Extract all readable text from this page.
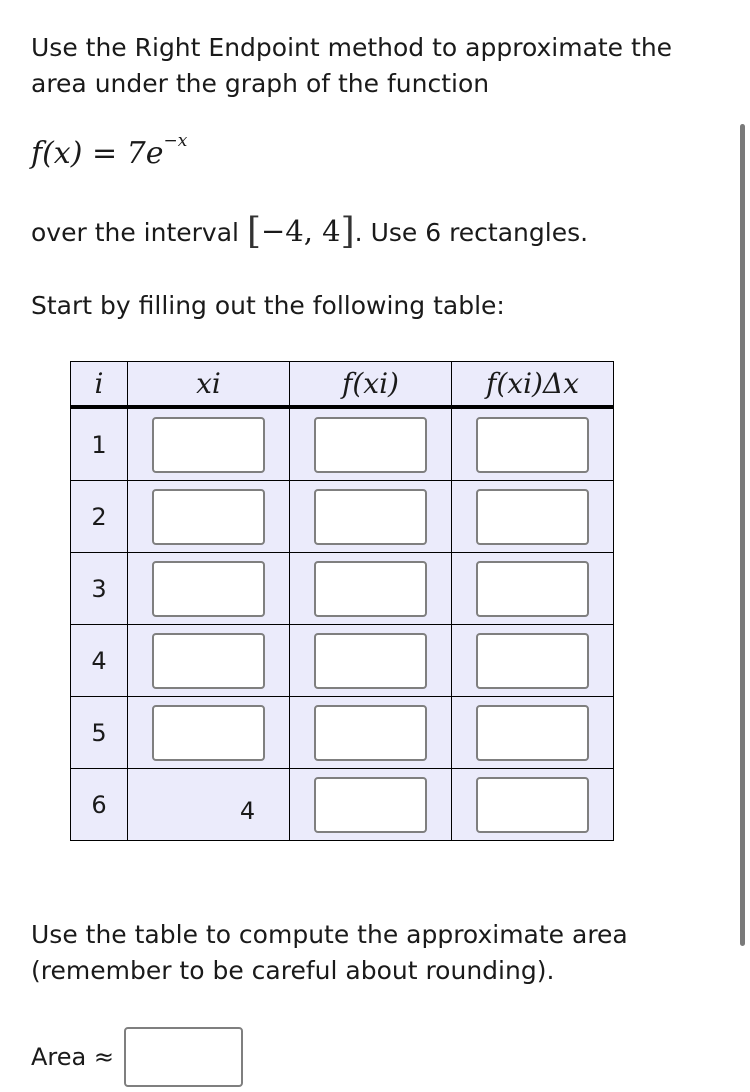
Use the Right Endpoint method to approximate the area under the graph of the function

$f(x) = 7e^{-x}$
over the interval [−4, 4]. Use 6 rectangles.
Start by filling out the following table:
i	xi	f(xi)	f(xi)Δx
1	

2	

3	

4	

5	

6	4

Use the table to compute the approximate area (remember to be careful about rounding).
Area ≈
